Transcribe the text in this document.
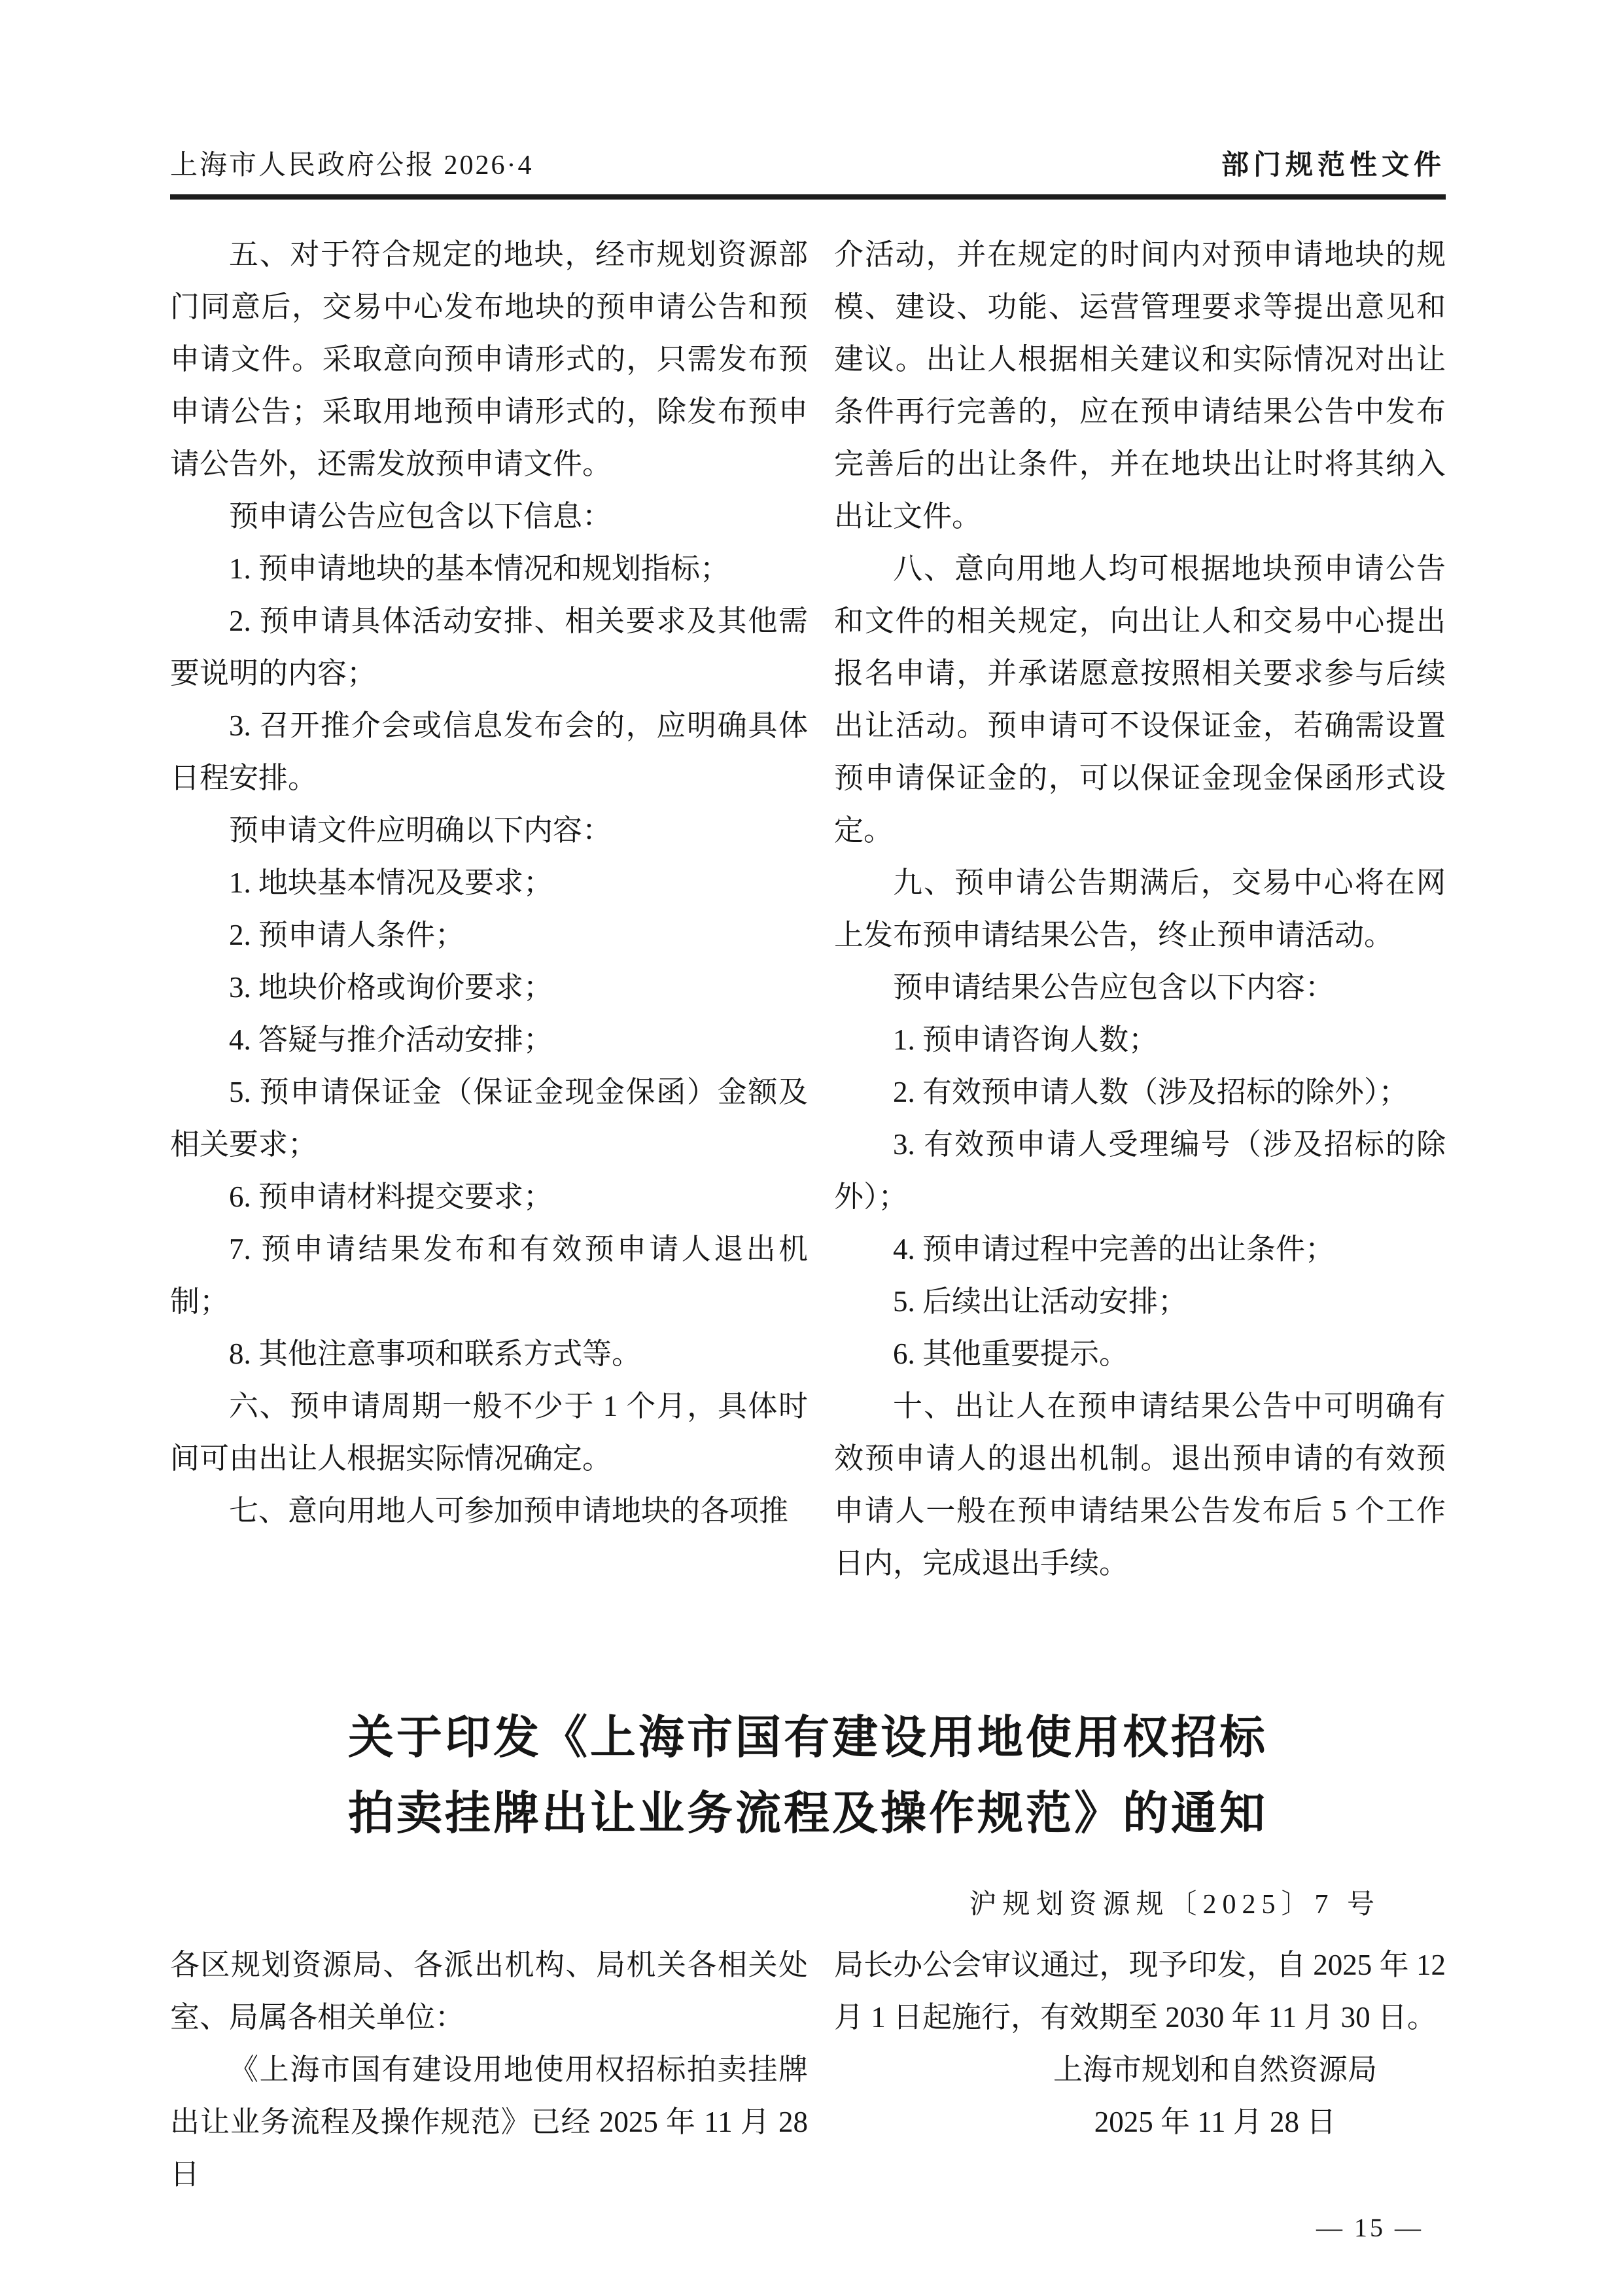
上海市人民政府公报 2026·4	部门规范性文件

五、对于符合规定的地块，经市规划资源部门同意后，交易中心发布地块的预申请公告和预申请文件。采取意向预申请形式的，只需发布预申请公告；采取用地预申请形式的，除发布预申请公告外，还需发放预申请文件。

预申请公告应包含以下信息：

1. 预申请地块的基本情况和规划指标；

2. 预申请具体活动安排、相关要求及其他需要说明的内容；

3. 召开推介会或信息发布会的，应明确具体日程安排。

预申请文件应明确以下内容：

1. 地块基本情况及要求；

2. 预申请人条件；

3. 地块价格或询价要求；

4. 答疑与推介活动安排；

5. 预申请保证金（保证金现金保函）金额及相关要求；

6. 预申请材料提交要求；

7. 预申请结果发布和有效预申请人退出机制；

8. 其他注意事项和联系方式等。

六、预申请周期一般不少于 1 个月，具体时间可由出让人根据实际情况确定。

七、意向用地人可参加预申请地块的各项推

介活动，并在规定的时间内对预申请地块的规模、建设、功能、运营管理要求等提出意见和建议。出让人根据相关建议和实际情况对出让条件再行完善的，应在预申请结果公告中发布完善后的出让条件，并在地块出让时将其纳入出让文件。

八、意向用地人均可根据地块预申请公告和文件的相关规定，向出让人和交易中心提出报名申请，并承诺愿意按照相关要求参与后续出让活动。预申请可不设保证金，若确需设置预申请保证金的，可以保证金现金保函形式设定。

九、预申请公告期满后，交易中心将在网上发布预申请结果公告，终止预申请活动。

预申请结果公告应包含以下内容：

1. 预申请咨询人数；

2. 有效预申请人数（涉及招标的除外）；

3. 有效预申请人受理编号（涉及招标的除外）；

4. 预申请过程中完善的出让条件；

5. 后续出让活动安排；

6. 其他重要提示。

十、出让人在预申请结果公告中可明确有效预申请人的退出机制。退出预申请的有效预申请人一般在预申请结果公告发布后 5 个工作日内，完成退出手续。

关于印发《上海市国有建设用地使用权招标
拍卖挂牌出让业务流程及操作规范》的通知
沪规划资源规〔2025〕7 号

各区规划资源局、各派出机构、局机关各相关处室、局属各相关单位：

《上海市国有建设用地使用权招标拍卖挂牌出让业务流程及操作规范》已经 2025 年 11 月 28 日

局长办公会审议通过，现予印发，自 2025 年 12 月 1 日起施行，有效期至 2030 年 11 月 30 日。

上海市规划和自然资源局

2025 年 11 月 28 日

— 15 —
